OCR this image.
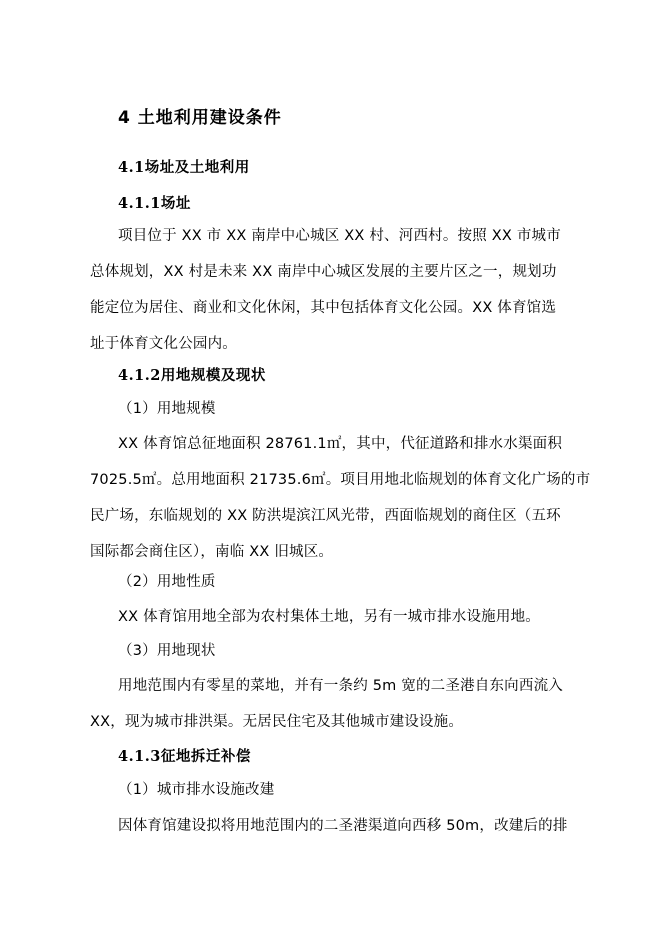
4 土地利用建设条件
4.1场址及土地利用
4.1.1场址
项目位于 XX 市 XX 南岸中心城区 XX 村、河西村。按照 XX 市城市
总体规划，XX 村是未来 XX 南岸中心城区发展的主要片区之一，规划功
能定位为居住、商业和文化休闲，其中包括体育文化公园。XX 体育馆选
址于体育文化公园内。
4.1.2用地规模及现状
（1）用地规模
XX 体育馆总征地面积 28761.1㎡，其中，代征道路和排水水渠面积
7025.5㎡。总用地面积 21735.6㎡。项目用地北临规划的体育文化广场的市
民广场，东临规划的 XX 防洪堤滨江风光带，西面临规划的商住区（五环
国际都会商住区），南临 XX 旧城区。
（2）用地性质
XX 体育馆用地全部为农村集体土地，另有一城市排水设施用地。
（3）用地现状
用地范围内有零星的菜地，并有一条约 5m 宽的二圣港自东向西流入
XX，现为城市排洪渠。无居民住宅及其他城市建设设施。
4.1.3征地拆迁补偿
（1）城市排水设施改建
因体育馆建设拟将用地范围内的二圣港渠道向西移 50m，改建后的排
